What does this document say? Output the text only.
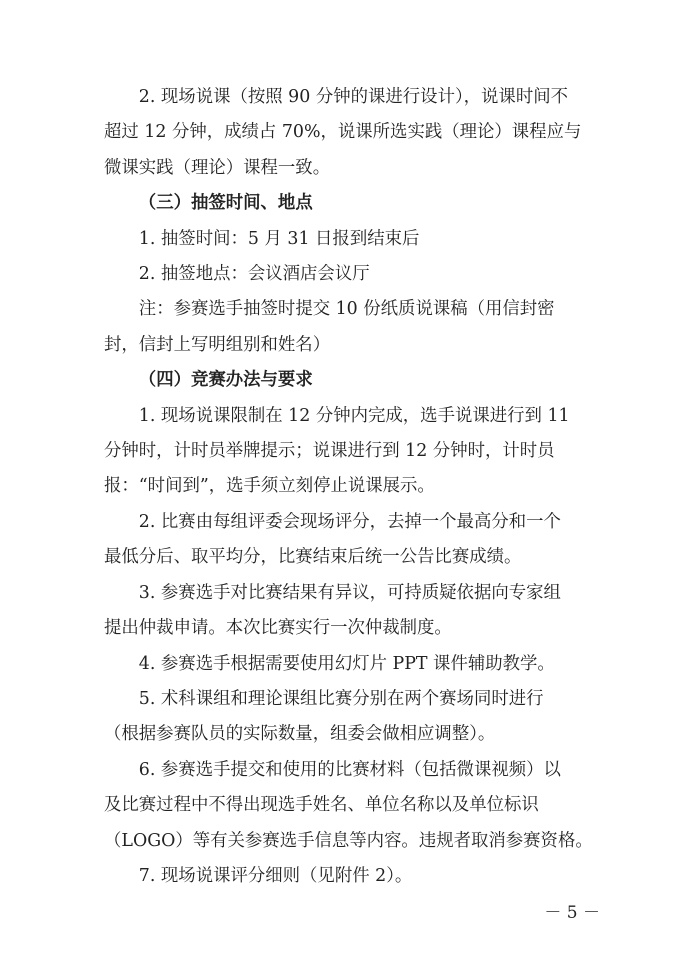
2. 现场说课（按照 90 分钟的课进行设计），说课时间不
超过 12 分钟，成绩占 70%，说课所选实践（理论）课程应与
微课实践（理论）课程一致。
（三）抽签时间、地点
1. 抽签时间：5 月 31 日报到结束后
2. 抽签地点：会议酒店会议厅
注：参赛选手抽签时提交 10 份纸质说课稿（用信封密
封，信封上写明组别和姓名）
（四）竞赛办法与要求
1. 现场说课限制在 12 分钟内完成，选手说课进行到 11
分钟时，计时员举牌提示；说课进行到 12 分钟时，计时员
报：“时间到”，选手须立刻停止说课展示。
2. 比赛由每组评委会现场评分，去掉一个最高分和一个
最低分后、取平均分，比赛结束后统一公告比赛成绩。
3. 参赛选手对比赛结果有异议，可持质疑依据向专家组
提出仲裁申请。本次比赛实行一次仲裁制度。
4. 参赛选手根据需要使用幻灯片 PPT 课件辅助教学。
5. 术科课组和理论课组比赛分别在两个赛场同时进行
（根据参赛队员的实际数量，组委会做相应调整）。
6. 参赛选手提交和使用的比赛材料（包括微课视频）以
及比赛过程中不得出现选手姓名、单位名称以及单位标识
（LOGO）等有关参赛选手信息等内容。违规者取消参赛资格。
7. 现场说课评分细则（见附件 2）。
－ 5 －
